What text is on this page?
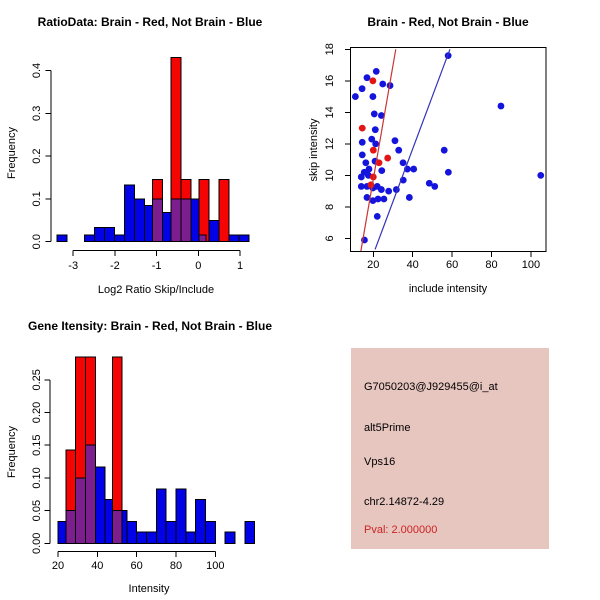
RatioData: Brain - Red, Not Brain - Blue
Log2 Ratio Skip/Include
Frequency
-3	-2	-1	0	1
0.0
0.1
0.2
0.3
0.4
Brain - Red, Not Brain - Blue
include intensity
skip intensity
20 40 60 80 100
6
8
10
12
14
16
18
Gene Itensity: Brain - Red, Not Brain - Blue
Intensity
Frequency
20 40 60 80 100
0.00
0.05
0.10
0.15
0.20
0.25	G7050203@J929455@i_at
alt5Prime
Vps16
chr2.14872-4.29
Pval: 2.000000
